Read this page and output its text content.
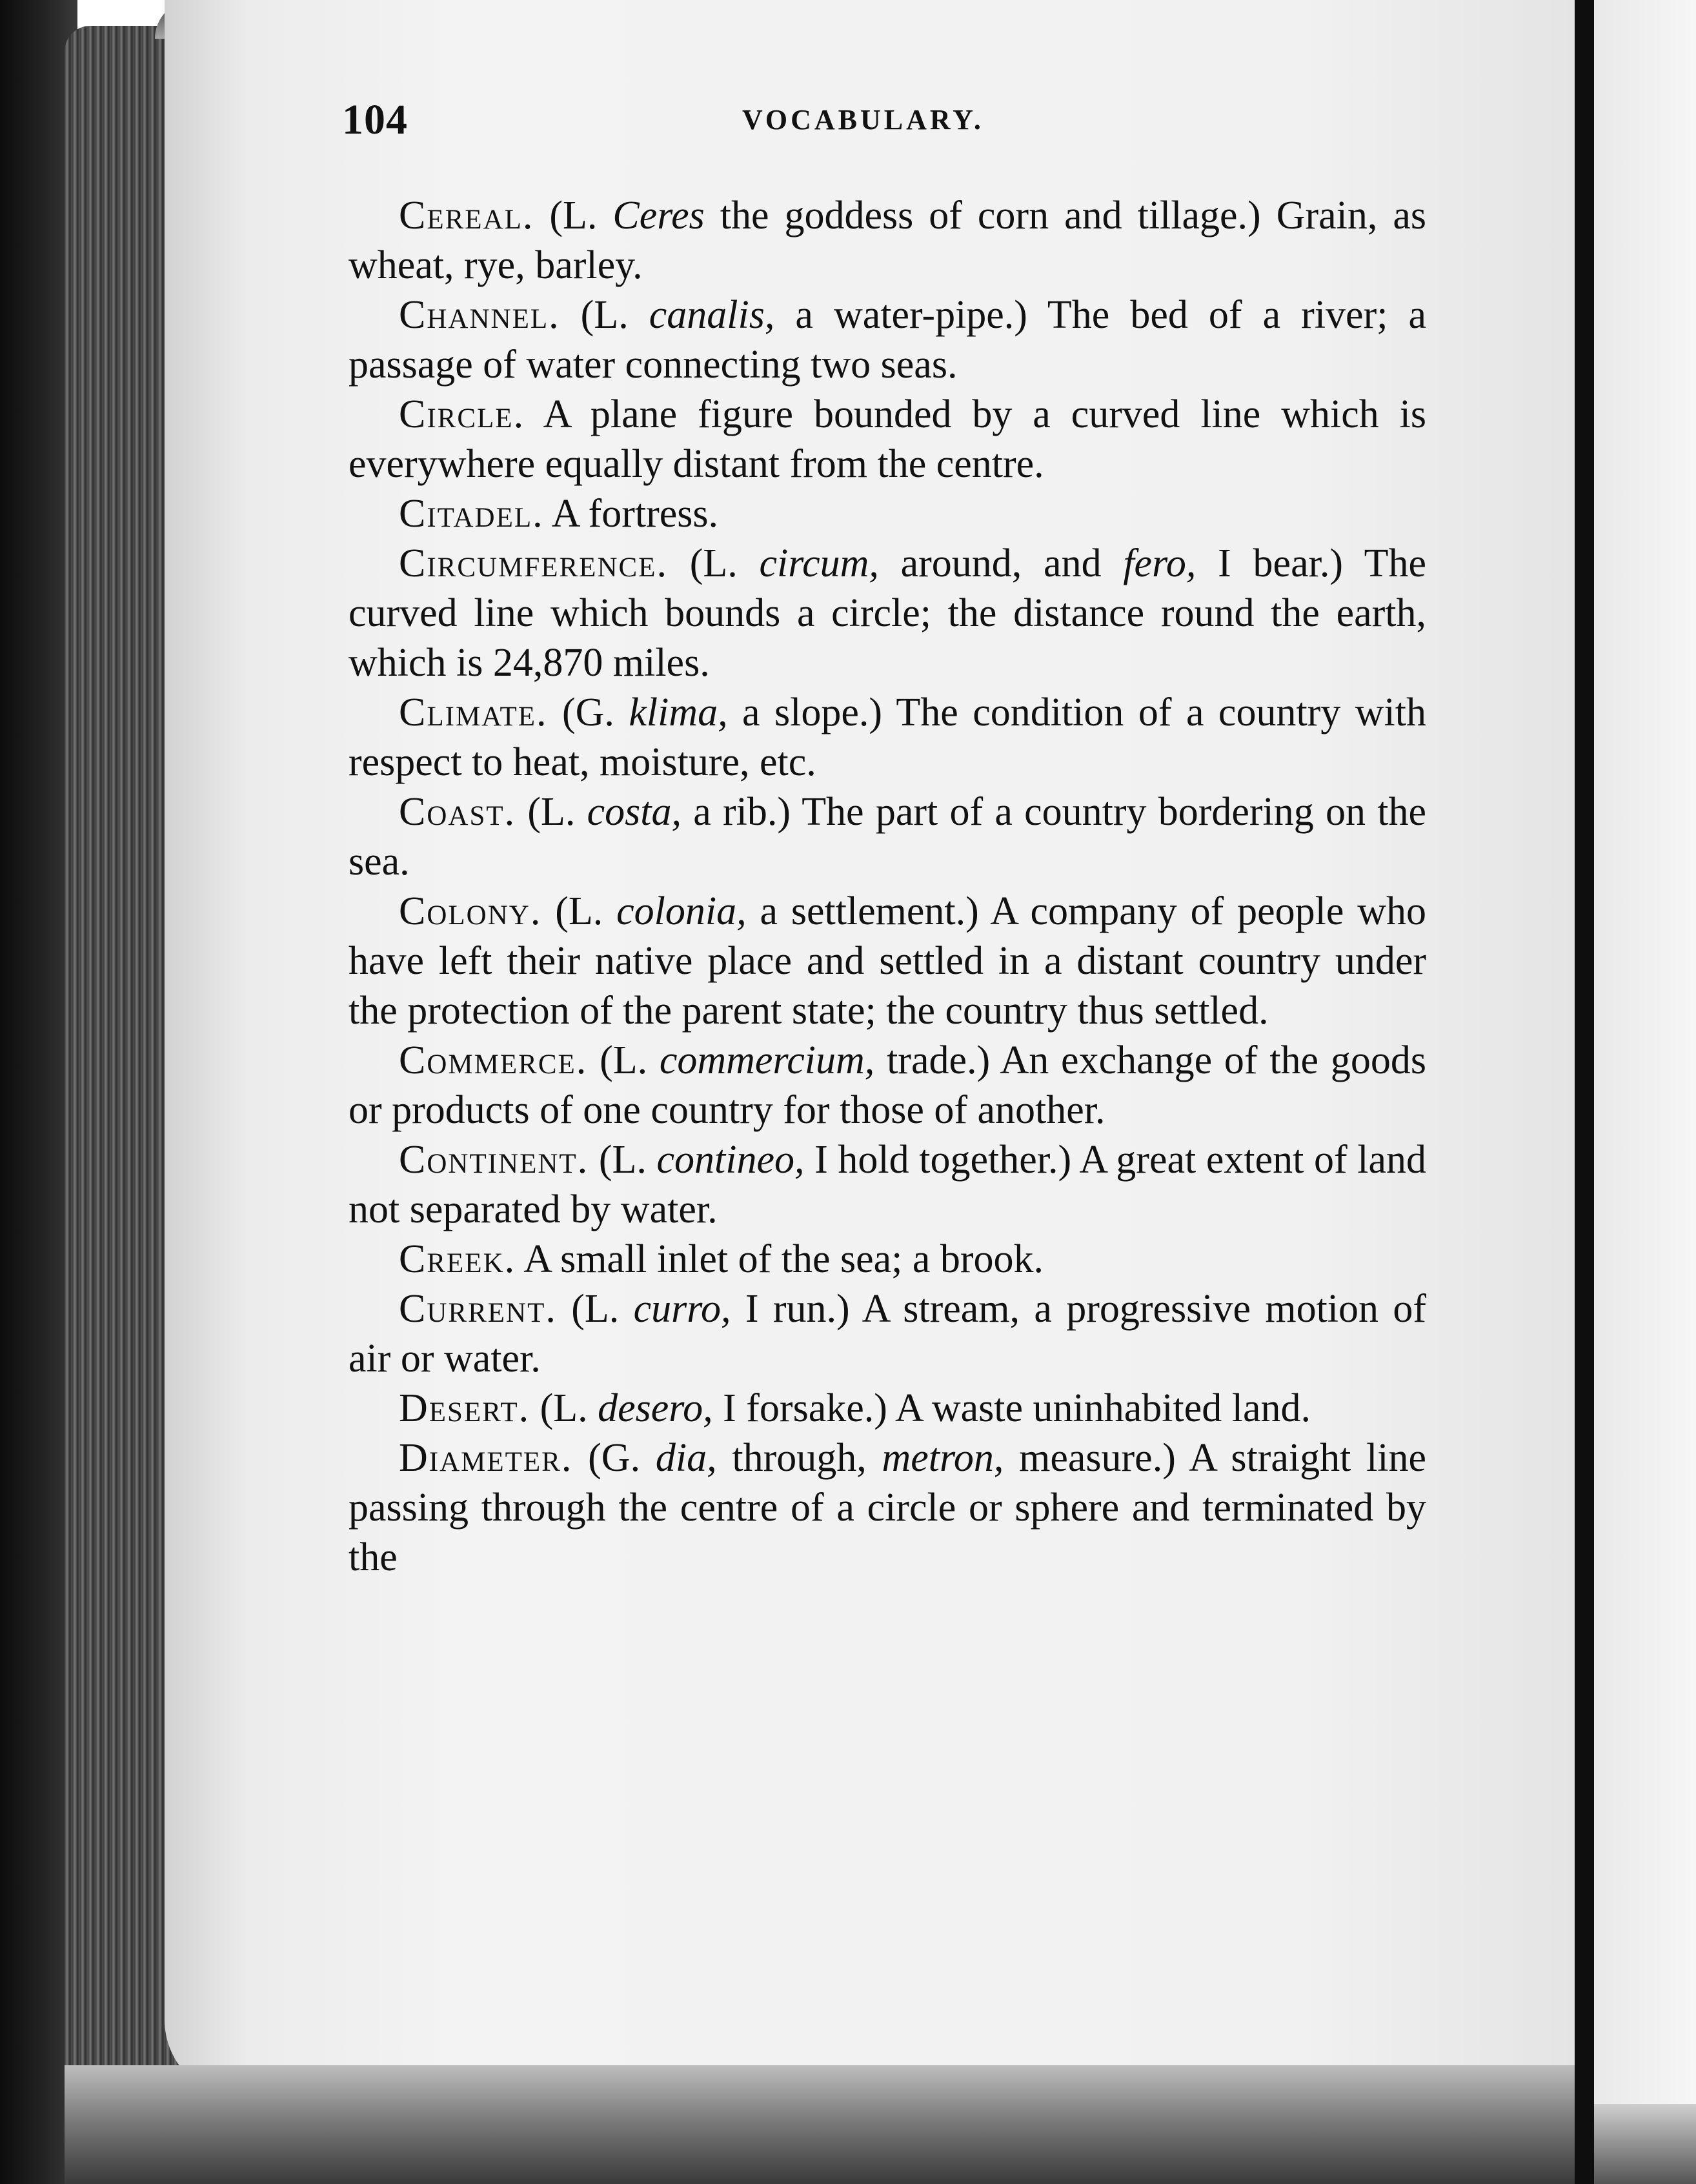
104	VOCABULARY.

Cereal. (L. Ceres the goddess of corn and tillage.) Grain, as wheat, rye, barley.

Channel. (L. canalis, a water-pipe.) The bed of a river; a passage of water connecting two seas.

Circle. A plane figure bounded by a curved line which is everywhere equally distant from the centre.

Citadel. A fortress.

Circumference. (L. circum, around, and fero, I bear.) The curved line which bounds a circle; the distance round the earth, which is 24,870 miles.

Climate. (G. klima, a slope.) The condition of a country with respect to heat, moisture, etc.

Coast. (L. costa, a rib.) The part of a country bordering on the sea.

Colony. (L. colonia, a settlement.) A company of people who have left their native place and settled in a distant country under the protection of the parent state; the country thus settled.

Commerce. (L. commercium, trade.) An exchange of the goods or products of one country for those of another.

Continent. (L. contineo, I hold together.) A great extent of land not separated by water.

Creek. A small inlet of the sea; a brook.

Current. (L. curro, I run.) A stream, a progressive motion of air or water.

Desert. (L. desero, I forsake.) A waste uninhabited land.

Diameter. (G. dia, through, metron, measure.) A straight line passing through the centre of a circle or sphere and terminated by the
